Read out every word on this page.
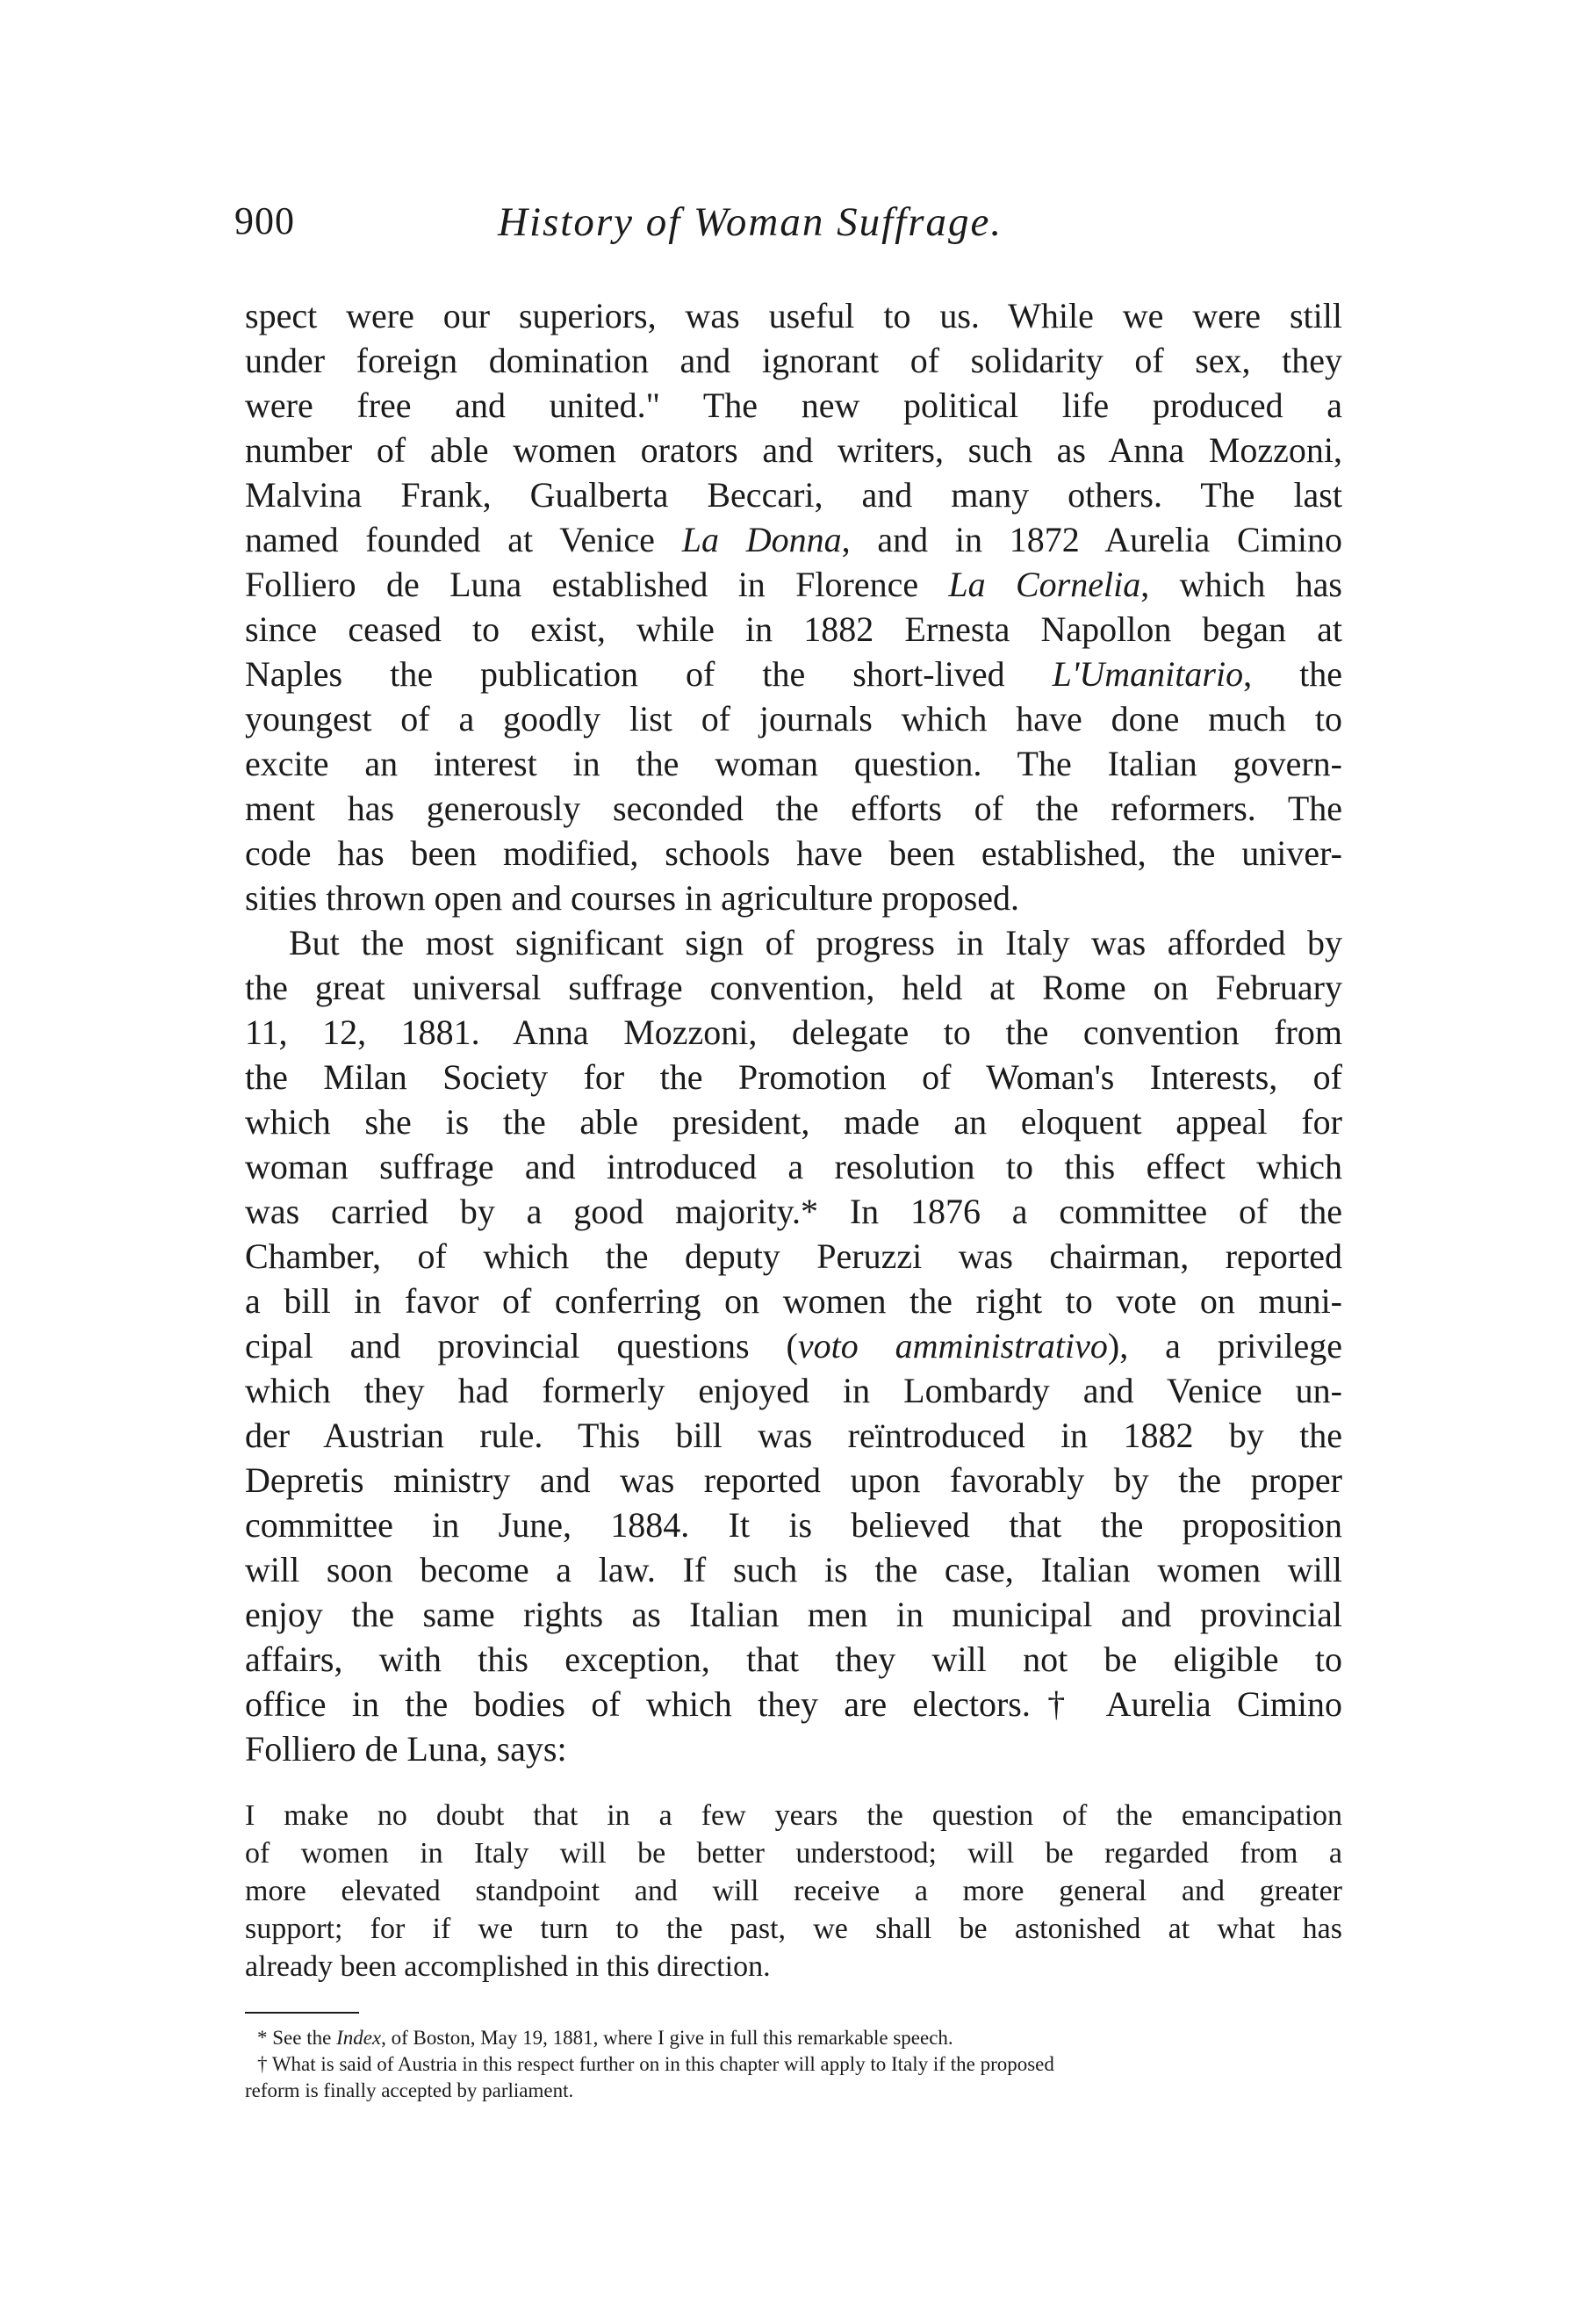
900	History of Woman Suffrage.

spect were our superiors, was useful to us. While we were still
under foreign domination and ignorant of solidarity of sex, they
were free and united." The new political life produced a
number of able women orators and writers, such as Anna Mozzoni,
Malvina Frank, Gualberta Beccari, and many others. The last
named founded at Venice La Donna, and in 1872 Aurelia Cimino
Folliero de Luna established in Florence La Cornelia, which has
since ceased to exist, while in 1882 Ernesta Napollon began at
Naples the publication of the short-lived L'Umanitario, the
youngest of a goodly list of journals which have done much to
excite an interest in the woman question. The Italian govern-
ment has generously seconded the efforts of the reformers. The
code has been modified, schools have been established, the univer-
sities thrown open and courses in agriculture proposed.

But the most significant sign of progress in Italy was afforded by
the great universal suffrage convention, held at Rome on February
11, 12, 1881. Anna Mozzoni, delegate to the convention from
the Milan Society for the Promotion of Woman's Interests, of
which she is the able president, made an eloquent appeal for
woman suffrage and introduced a resolution to this effect which
was carried by a good majority.* In 1876 a committee of the
Chamber, of which the deputy Peruzzi was chairman, reported
a bill in favor of conferring on women the right to vote on muni-
cipal and provincial questions (voto amministrativo), a privilege
which they had formerly enjoyed in Lombardy and Venice un-
der Austrian rule. This bill was reïntroduced in 1882 by the
Depretis ministry and was reported upon favorably by the proper
committee in June, 1884. It is believed that the proposition
will soon become a law. If such is the case, Italian women will
enjoy the same rights as Italian men in municipal and provincial
affairs, with this exception, that they will not be eligible to
office in the bodies of which they are electors.† Aurelia Cimino
Folliero de Luna, says:

I make no doubt that in a few years the question of the emancipation
of women in Italy will be better understood; will be regarded from a
more elevated standpoint and will receive a more general and greater
support; for if we turn to the past, we shall be astonished at what has
already been accomplished in this direction.
* See the Index, of Boston, May 19, 1881, where I give in full this remarkable speech.
† What is said of Austria in this respect further on in this chapter will apply to Italy if the proposed
reform is finally accepted by parliament.
